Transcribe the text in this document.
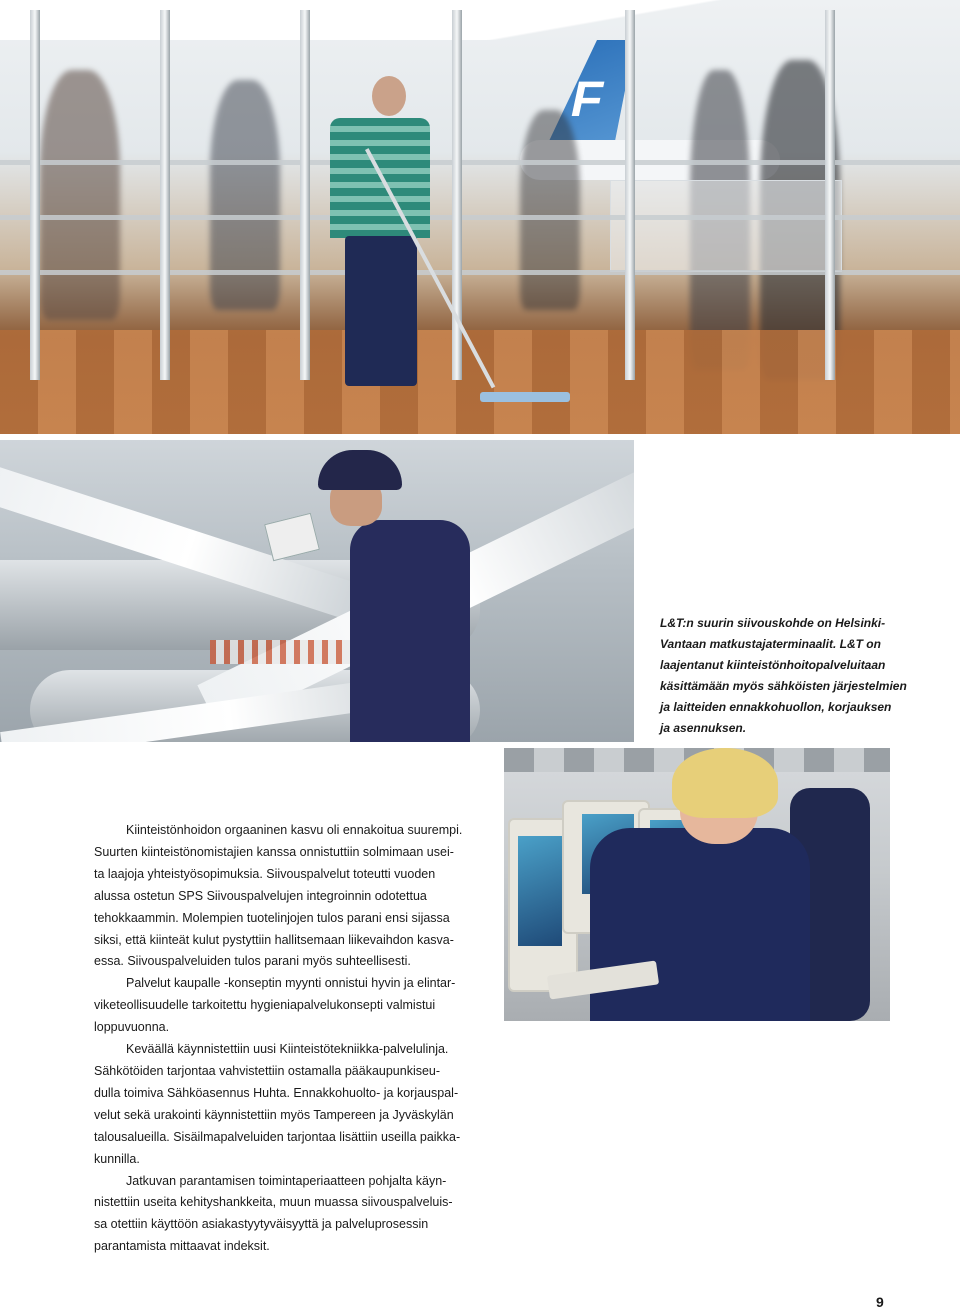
F
L&T:n suurin siivouskohde on Helsinki-
Vantaan matkustajaterminaalit. L&T on
laajentanut kiinteistönhoitopalveluitaan
käsittämään myös sähköisten järjestelmien
ja laitteiden ennakkohuollon, korjauksen
ja asennuksen.
Kiinteistönhoidon orgaaninen kasvu oli ennakoitua suurempi.
Suurten kiinteistönomistajien kanssa onnistuttiin solmimaan usei-
ta laajoja yhteistyösopimuksia. Siivouspalvelut toteutti vuoden
alussa ostetun SPS Siivouspalvelujen integroinnin odotettua
tehokkaammin. Molempien tuotelinjojen tulos parani ensi sijassa
siksi, että kiinteät kulut pystyttiin hallitsemaan liikevaihdon kasva-
essa. Siivouspalveluiden tulos parani myös suhteellisesti.
Palvelut kaupalle -konseptin myynti onnistui hyvin ja elintar-
viketeollisuudelle tarkoitettu hygieniapalvelukonsepti valmistui
loppuvuonna.
Keväällä käynnistettiin uusi Kiinteistötekniikka-palvelulinja.
Sähkötöiden tarjontaa vahvistettiin ostamalla pääkaupunkiseu-
dulla toimiva Sähköasennus Huhta. Ennakkohuolto- ja korjauspal-
velut sekä urakointi käynnistettiin myös Tampereen ja Jyväskylän
talousalueilla. Sisäilmapalveluiden tarjontaa lisättiin useilla paikka-
kunnilla.
Jatkuvan parantamisen toimintaperiaatteen pohjalta käyn-
nistettiin useita kehityshankkeita, muun muassa siivouspalveluis-
sa otettiin käyttöön asiakastyytyväisyyttä ja palveluprosessin
parantamista mittaavat indeksit.
9
